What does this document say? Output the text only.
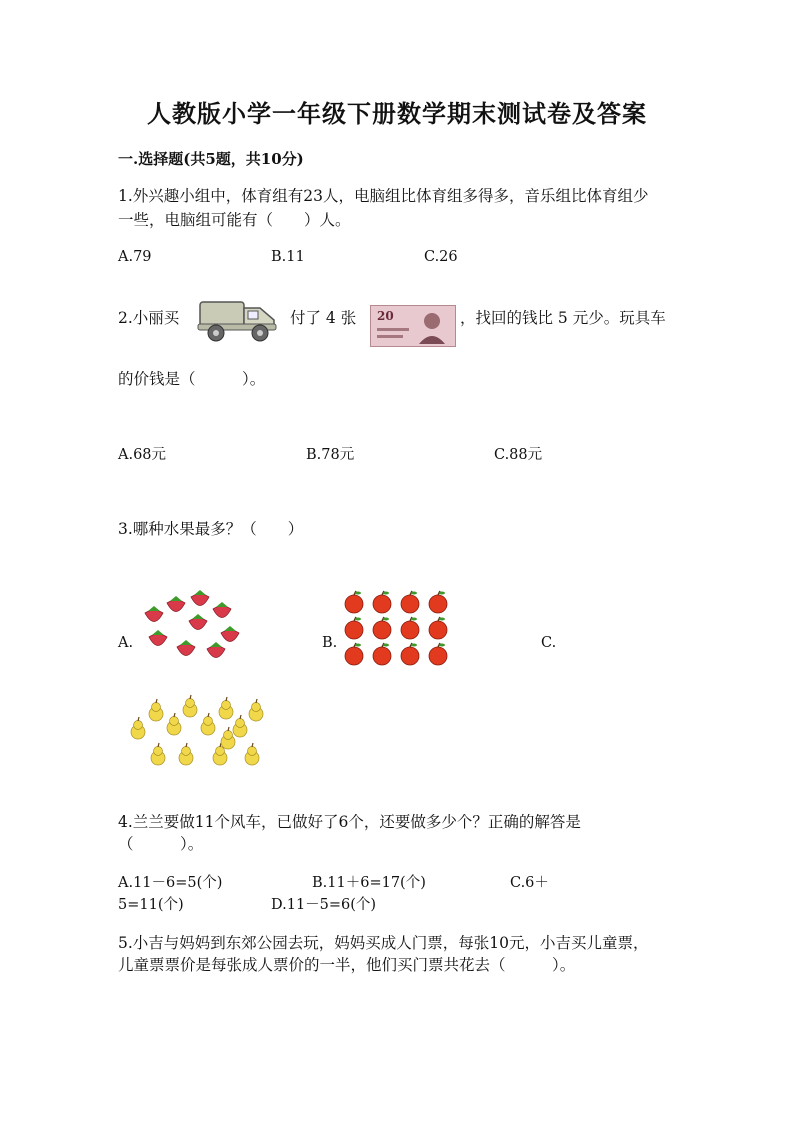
人教版小学一年级下册数学期末测试卷及答案
一.选择题(共5题，共10分)
1.外兴趣小组中，体育组有23人，电脑组比体育组多得多，音乐组比体育组少
一些，电脑组可能有（　　）人。
A.79	B.11	C.26
2.小丽买	付了 4 张 20	，找回的钱比 5 元少。玩具车
的价钱是（　　　）。
A.68元	B.78元	C.88元
3.哪种水果最多？（　　）
A.	B.	C.
4.兰兰要做11个风车，已做好了6个，还要做多少个？正确的解答是
（　　　）。
A.11－6=5(个)	B.11＋6=17(个)	C.6＋
5=11(个)	D.11－5=6(个)
5.小吉与妈妈到东郊公园去玩，妈妈买成人门票，每张10元，小吉买儿童票，
儿童票票价是每张成人票价的一半，他们买门票共花去（　　　）。
